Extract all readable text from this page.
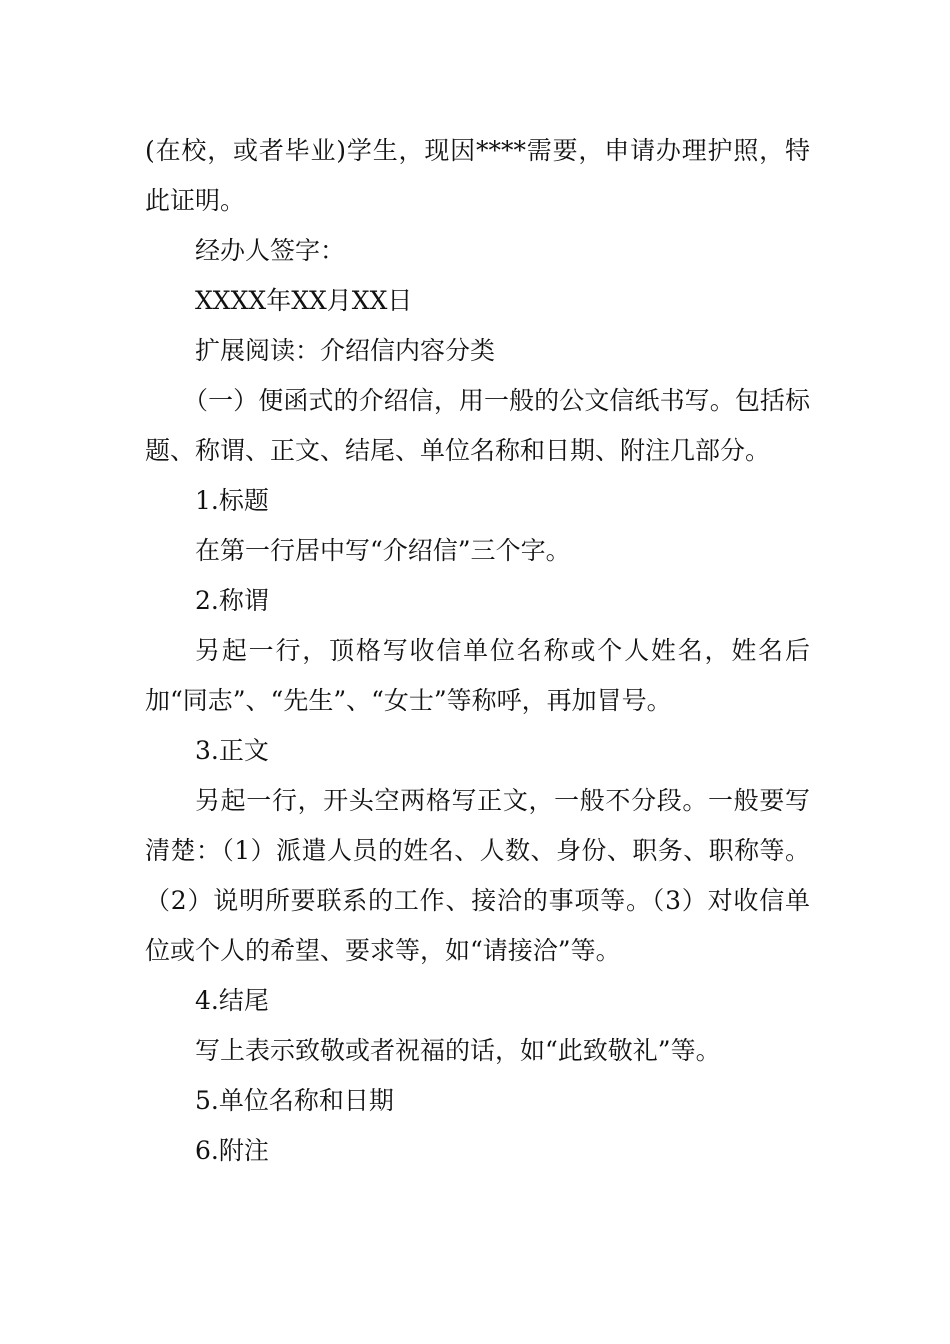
(在校，或者毕业)学生，现因****需要，申请办理护照，特此证明。

经办人签字：

XXXX年XX月XX日

扩展阅读：介绍信内容分类

（一）便函式的介绍信，用一般的公文信纸书写。包括标题、称谓、正文、结尾、单位名称和日期、附注几部分。

1.标题

在第一行居中写“介绍信”三个字。

2.称谓

另起一行，顶格写收信单位名称或个人姓名，姓名后加“同志”、“先生”、“女士”等称呼，再加冒号。

3.正文

另起一行，开头空两格写正文，一般不分段。一般要写清楚：（1）派遣人员的姓名、人数、身份、职务、职称等。（2）说明所要联系的工作、接洽的事项等。（3）对收信单位或个人的希望、要求等，如“请接洽”等。

4.结尾

写上表示致敬或者祝福的话，如“此致敬礼”等。

5.单位名称和日期

6.附注
